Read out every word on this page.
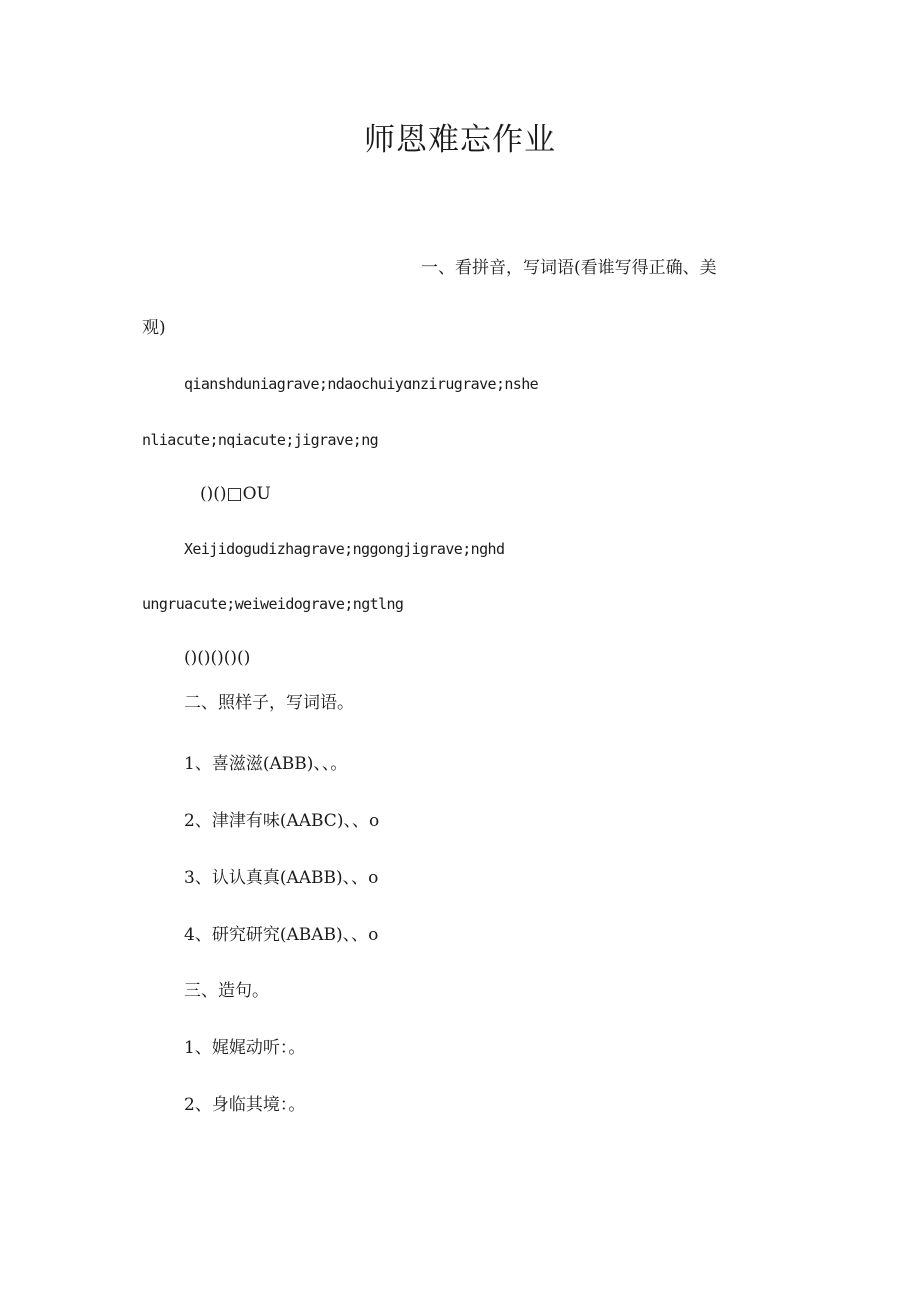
师恩难忘作业

一、看拼音，写词语(看谁写得正确、美

观)

qianshduniagrave;ndaochuiyɑnzirugrave;nshe

nliacute;nqiacute;jigrave;ng

()()□OU

Xeijidogudizhagrave;nggongjigrave;nghd

ungruacute;weiweidograve;ngtlng

()()()()()

二、照样子，写词语。

1、喜滋滋(ABB)、、。

2、津津有味(AABC)、、o

3、认认真真(AABB)、、o

4、研究研究(ABAB)、、o

三、造句。

1、娓娓动听：。

2、身临其境：。
